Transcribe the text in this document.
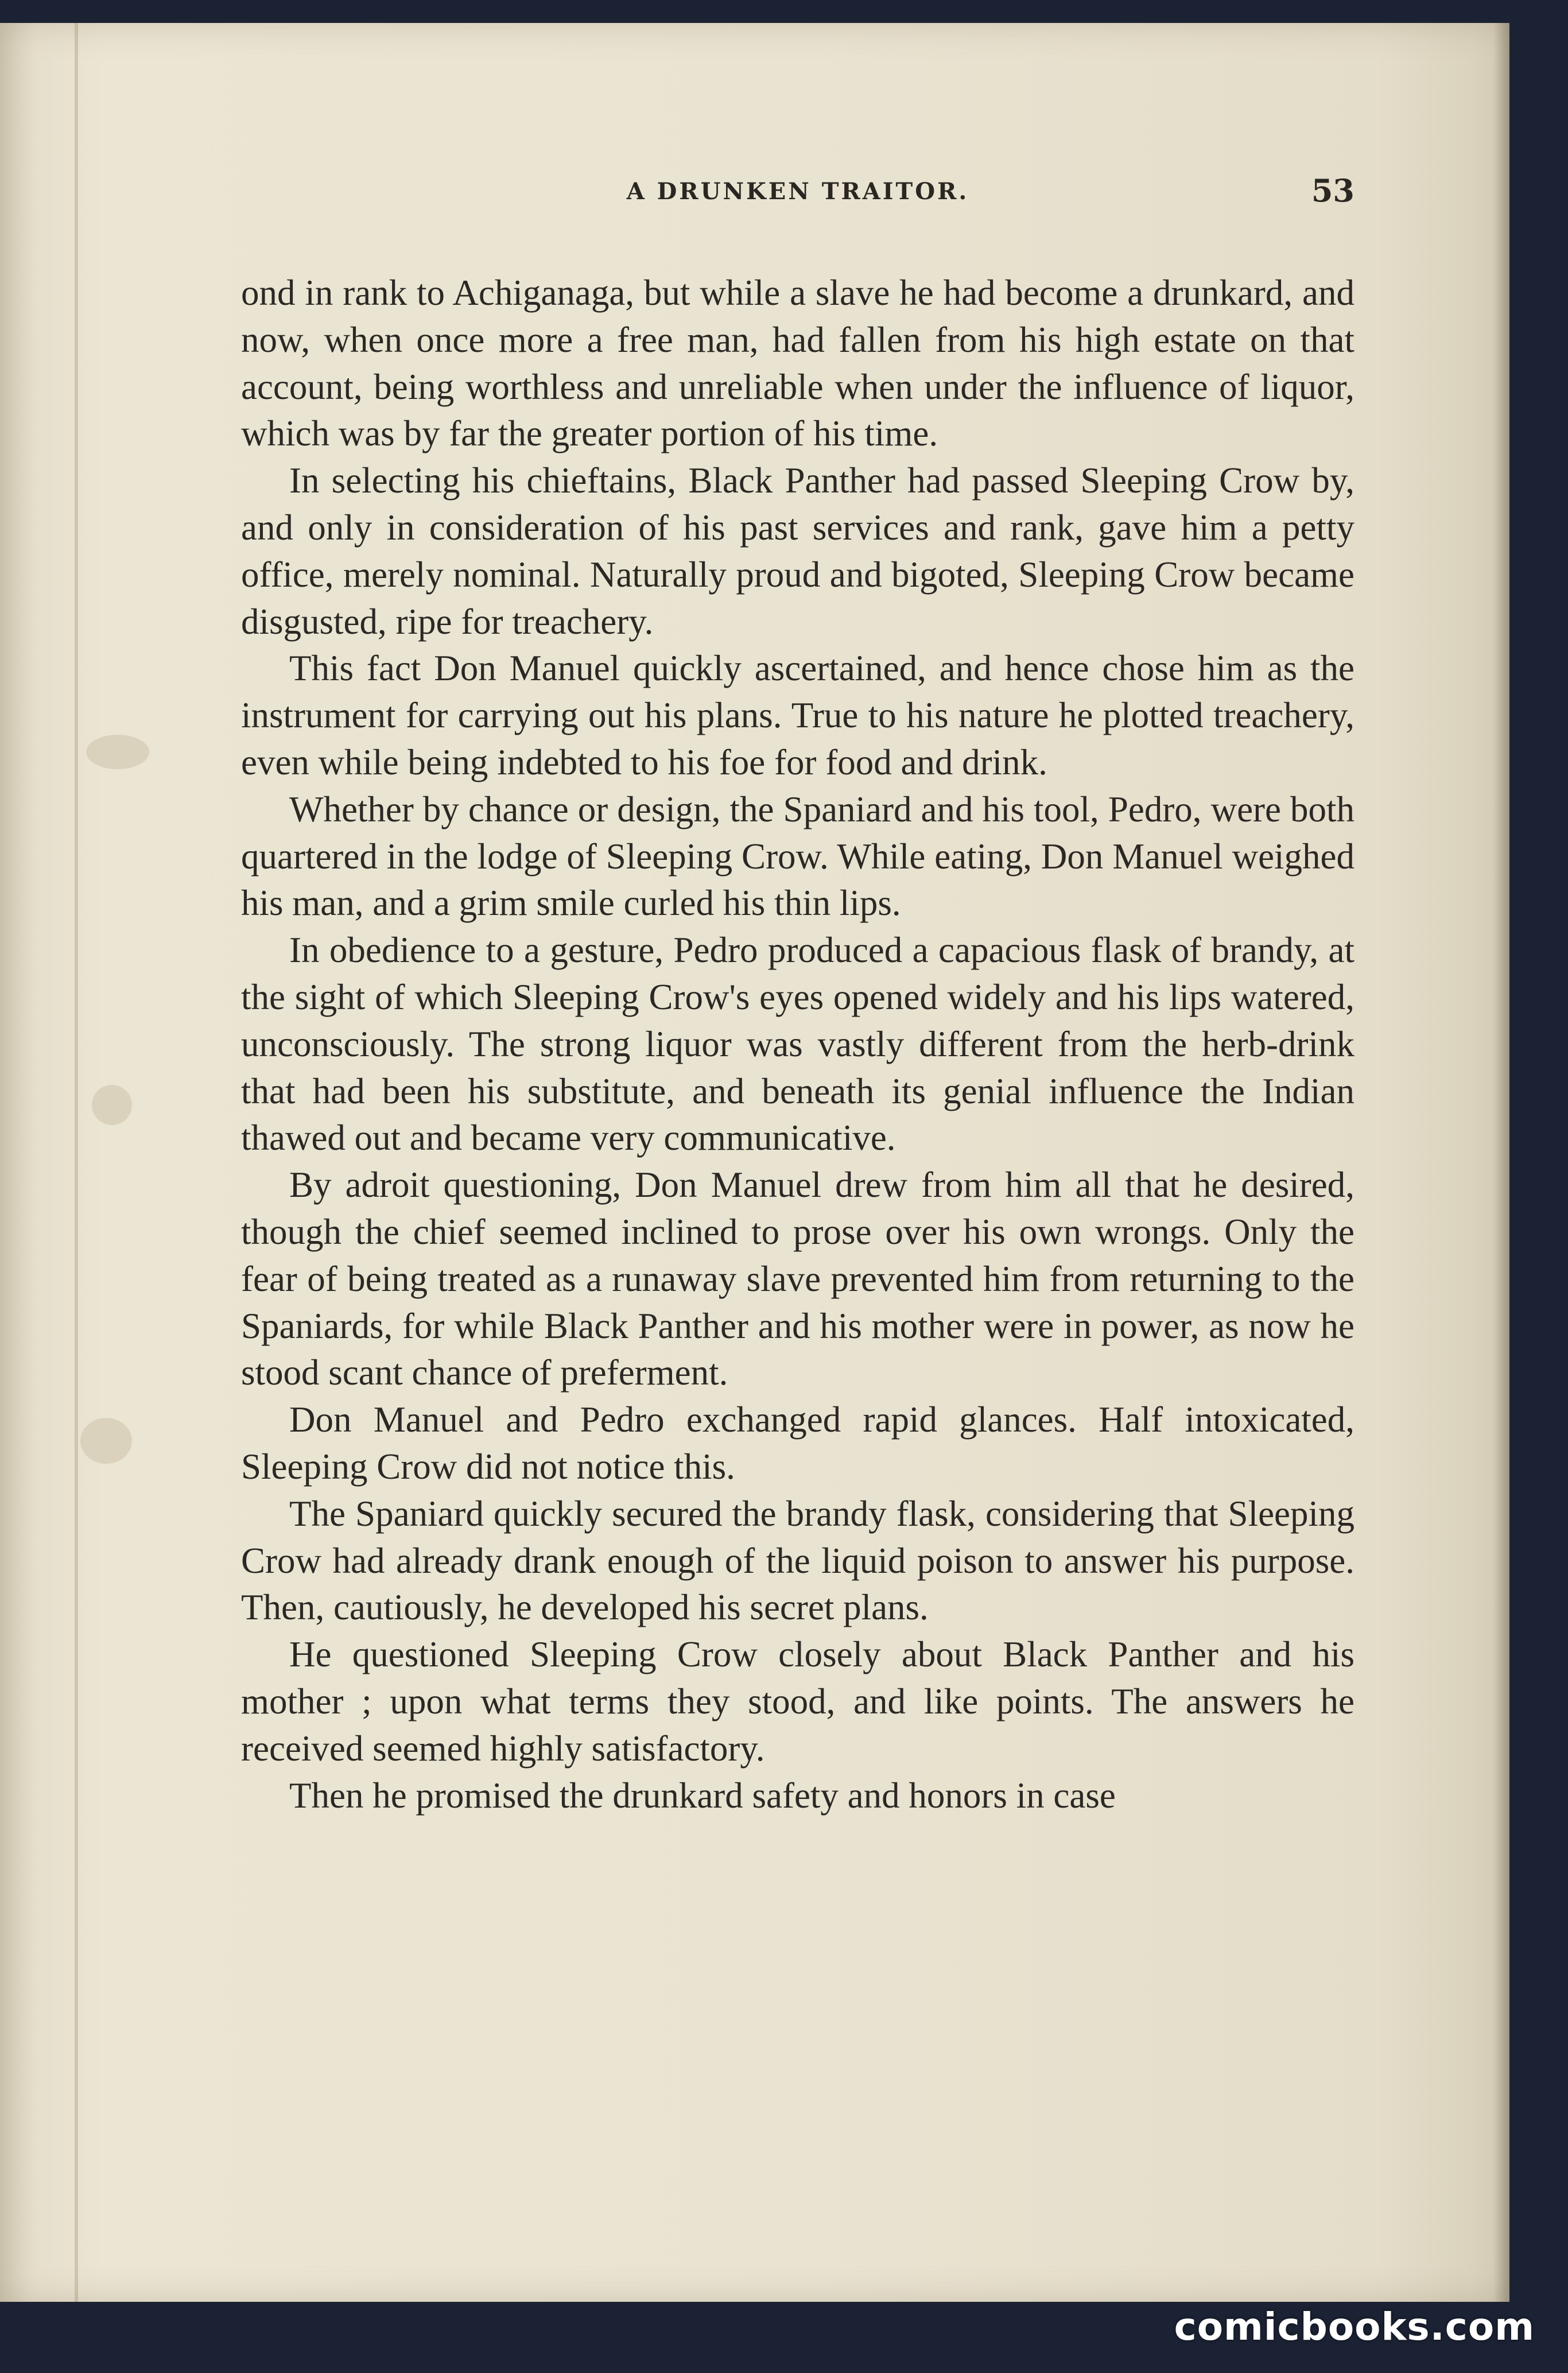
A DRUNKEN TRAITOR.	53

ond in rank to Achiganaga, but while a slave he had become a drunkard, and now, when once more a free man, had fallen from his high estate on that account, being worthless and unreliable when under the influence of liquor, which was by far the greater portion of his time.

In selecting his chieftains, Black Panther had passed Sleeping Crow by, and only in consideration of his past services and rank, gave him a petty office, merely nominal. Naturally proud and bigoted, Sleeping Crow became disgusted, ripe for treachery.

This fact Don Manuel quickly ascertained, and hence chose him as the instrument for carrying out his plans. True to his nature he plotted treachery, even while being indebted to his foe for food and drink.

Whether by chance or design, the Spaniard and his tool, Pedro, were both quartered in the lodge of Sleeping Crow. While eating, Don Manuel weighed his man, and a grim smile curled his thin lips.

In obedience to a gesture, Pedro produced a capacious flask of brandy, at the sight of which Sleeping Crow's eyes opened widely and his lips watered, unconsciously. The strong liquor was vastly different from the herb-drink that had been his substitute, and beneath its genial influence the Indian thawed out and became very communicative.

By adroit questioning, Don Manuel drew from him all that he desired, though the chief seemed inclined to prose over his own wrongs. Only the fear of being treated as a runaway slave prevented him from returning to the Spaniards, for while Black Panther and his mother were in power, as now he stood scant chance of preferment.

Don Manuel and Pedro exchanged rapid glances. Half intoxicated, Sleeping Crow did not notice this.

The Spaniard quickly secured the brandy flask, considering that Sleeping Crow had already drank enough of the liquid poison to answer his purpose. Then, cautiously, he developed his secret plans.

He questioned Sleeping Crow closely about Black Panther and his mother ; upon what terms they stood, and like points. The answers he received seemed highly satisfactory.

Then he promised the drunkard safety and honors in case

comicbooks.com
